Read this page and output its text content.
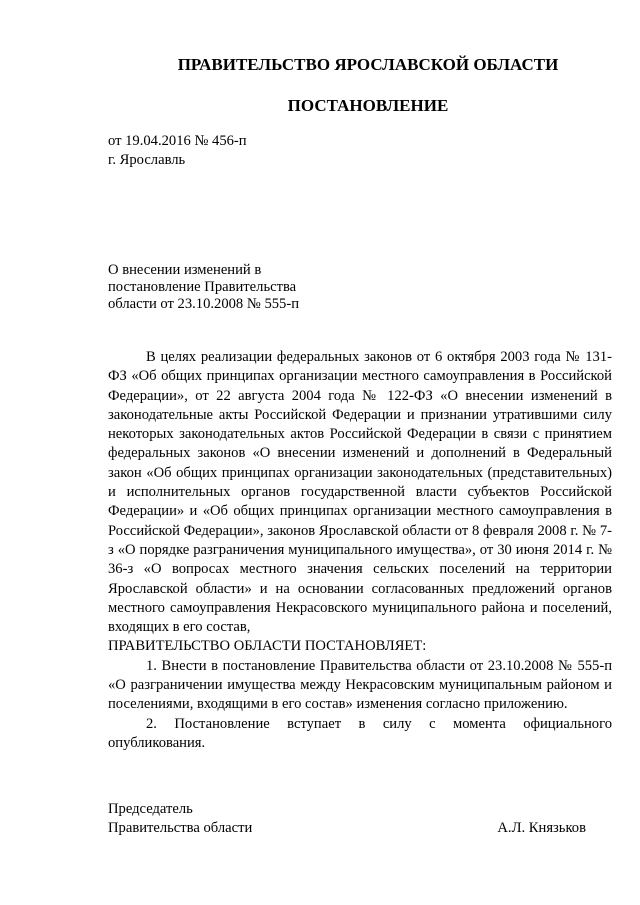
ПРАВИТЕЛЬСТВО ЯРОСЛАВСКОЙ ОБЛАСТИ
ПОСТАНОВЛЕНИЕ
от 19.04.2016 № 456-п
г. Ярославль
О внесении изменений в
постановление Правительства
области от 23.10.2008 № 555-п

В целях реализации федеральных законов от 6 октября 2003 года № 131-ФЗ «Об общих принципах организации местного самоуправления в Российской Федерации», от 22 августа 2004 года № 122-ФЗ «О внесении изменений в законодательные акты Российской Федерации и признании утратившими силу некоторых законодательных актов Российской Федерации в связи с принятием федеральных законов «О внесении изменений и дополнений в Федеральный закон «Об общих принципах организации законодательных (представительных) и исполнительных органов государственной власти субъектов Российской Федерации» и «Об общих принципах организации местного самоуправления в Российской Федерации», законов Ярославской области от 8 февраля 2008 г. № 7-з «О порядке разграничения муниципального имущества», от 30 июня 2014 г. № 36-з «О вопросах местного значения сельских поселений на территории Ярославской области» и на основании согласованных предложений органов местного самоуправления Некрасовского муниципального района и поселений, входящих в его состав,

ПРАВИТЕЛЬСТВО ОБЛАСТИ ПОСТАНОВЛЯЕТ:

1. Внести в постановление Правительства области от 23.10.2008 № 555-п «О разграничении имущества между Некрасовским муниципальным районом и поселениями, входящими в его состав» изменения согласно приложению.

2. Постановление вступает в силу с момента официального опубликования.

Председатель
Правительства области	А.Л. Князьков
